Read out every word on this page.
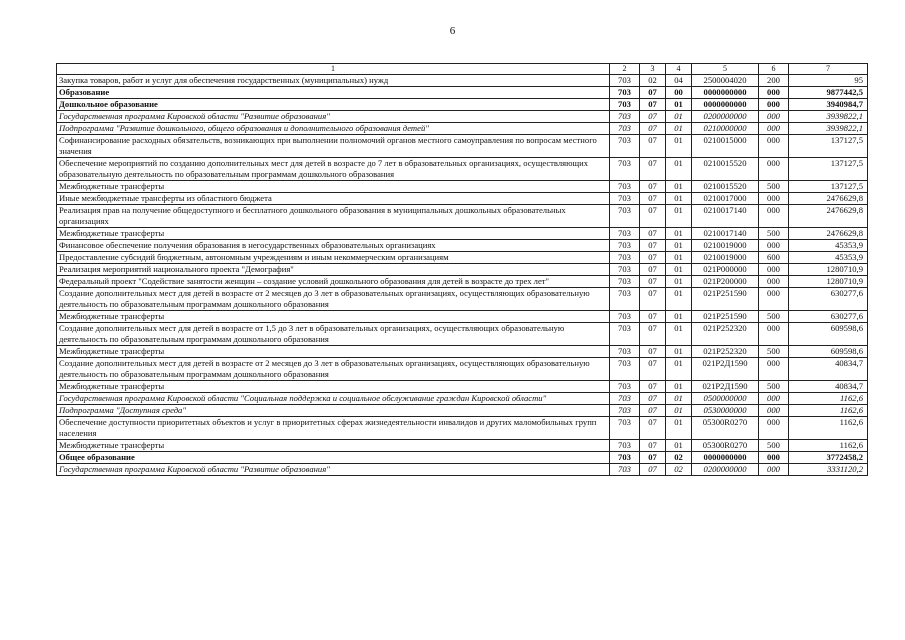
6
1	2	3	4	5	6	7
Закупка товаров, работ и услуг для обеспечения государственных (муниципальных) нужд	703	02	04	2500004020	200	95
Образование	703	07	00	0000000000	000	9877442,5
Дошкольное образование	703	07	01	0000000000	000	3940984,7
Государственная программа Кировской области "Развитие образования"	703	07	01	0200000000	000	3939822,1
Подпрограмма "Развитие дошкольного, общего образования и дополнительного образования детей"	703	07	01	0210000000	000	3939822,1
Софинансирование расходных обязательств, возникающих при выполнении полномочий органов местного самоуправления по вопросам местного значения	703	07	01	0210015000	000	137127,5
Обеспечение мероприятий по созданию дополнительных мест для детей в возрасте до 7 лет в образовательных организациях, осуществляющих образовательную деятельность по образовательным программам дошкольного образования	703	07	01	0210015520	000	137127,5
Межбюджетные трансферты	703	07	01	0210015520	500	137127,5
Иные межбюджетные трансферты из областного бюджета	703	07	01	0210017000	000	2476629,8
Реализация прав на получение общедоступного и бесплатного дошкольного образования в муниципальных дошкольных образовательных организациях	703	07	01	0210017140	000	2476629,8
Межбюджетные трансферты	703	07	01	0210017140	500	2476629,8
Финансовое обеспечение получения образования в негосударственных образовательных организациях	703	07	01	0210019000	000	45353,9
Предоставление субсидий бюджетным, автономным учреждениям и иным некоммерческим организациям	703	07	01	0210019000	600	45353,9
Реализация мероприятий национального проекта "Демография"	703	07	01	021P000000	000	1280710,9
Федеральный проект "Содействие занятости женщин – создание условий дошкольного образования для детей в возрасте до трех лет"	703	07	01	021P200000	000	1280710,9
Создание дополнительных мест для детей в возрасте от 2 месяцев до 3 лет в образовательных организациях, осуществляющих образовательную деятельность по образовательным программам дошкольного образования	703	07	01	021P251590	000	630277,6
Межбюджетные трансферты	703	07	01	021P251590	500	630277,6
Создание дополнительных мест для детей в возрасте от 1,5 до 3 лет в образовательных организациях, осуществляющих образовательную деятельность по образовательным программам дошкольного образования	703	07	01	021P252320	000	609598,6
Межбюджетные трансферты	703	07	01	021P252320	500	609598,6
Создание дополнительных мест для детей в возрасте от 2 месяцев до 3 лет в образовательных организациях, осуществляющих образовательную деятельность по образовательным программам дошкольного образования	703	07	01	021P2Д1590	000	40834,7
Межбюджетные трансферты	703	07	01	021P2Д1590	500	40834,7
Государственная программа Кировской области "Социальная поддержка и социальное обслуживание граждан Кировской области"	703	07	01	0500000000	000	1162,6
Подпрограмма "Доступная среда"	703	07	01	0530000000	000	1162,6
Обеспечение доступности приоритетных объектов и услуг в приоритетных сферах жизнедеятельности инвалидов и других маломобильных групп населения	703	07	01	05300R0270	000	1162,6
Межбюджетные трансферты	703	07	01	05300R0270	500	1162,6
Общее образование	703	07	02	0000000000	000	3772458,2
Государственная программа Кировской области "Развитие образования"	703	07	02	0200000000	000	3331120,2
